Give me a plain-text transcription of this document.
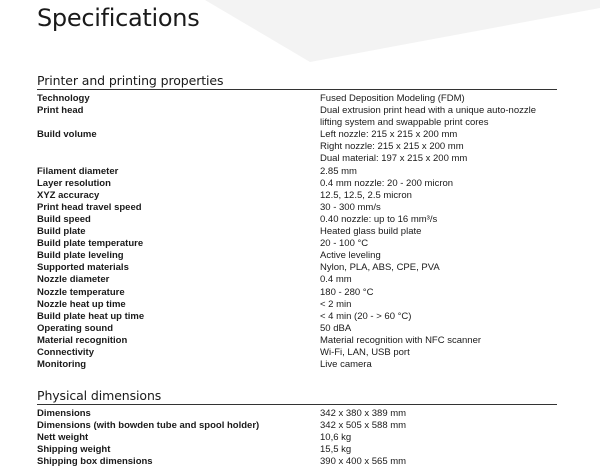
Specifications
Printer and printing properties
Technology	Fused Deposition Modeling (FDM)
Print head	Dual extrusion print head with a unique auto-nozzle
lifting system and swappable print cores
Build volume	Left nozzle: 215 x 215 x 200 mm
Right nozzle: 215 x 215 x 200 mm
Dual material: 197 x 215 x 200 mm
Filament diameter	2.85 mm
Layer resolution	0.4 mm nozzle: 20 - 200 micron
XYZ accuracy	12.5, 12.5, 2.5 micron
Print head travel speed	30 - 300 mm/s
Build speed	0.40 nozzle: up to 16 mm³/s
Build plate	Heated glass build plate
Build plate temperature	20 - 100 °C
Build plate leveling	Active leveling
Supported materials	Nylon, PLA, ABS, CPE, PVA
Nozzle diameter	0.4 mm
Nozzle temperature	180 - 280 °C
Nozzle heat up time	< 2 min
Build plate heat up time	< 4 min (20 - > 60 °C)
Operating sound	50 dBA
Material recognition	Material recognition with NFC scanner
Connectivity	Wi-Fi, LAN, USB port
Monitoring	Live camera
Physical dimensions
Dimensions	342 x 380 x 389 mm
Dimensions (with bowden tube and spool holder)	342 x 505 x 588 mm
Nett weight	10,6 kg
Shipping weight	15,5 kg
Shipping box dimensions	390 x 400 x 565 mm
